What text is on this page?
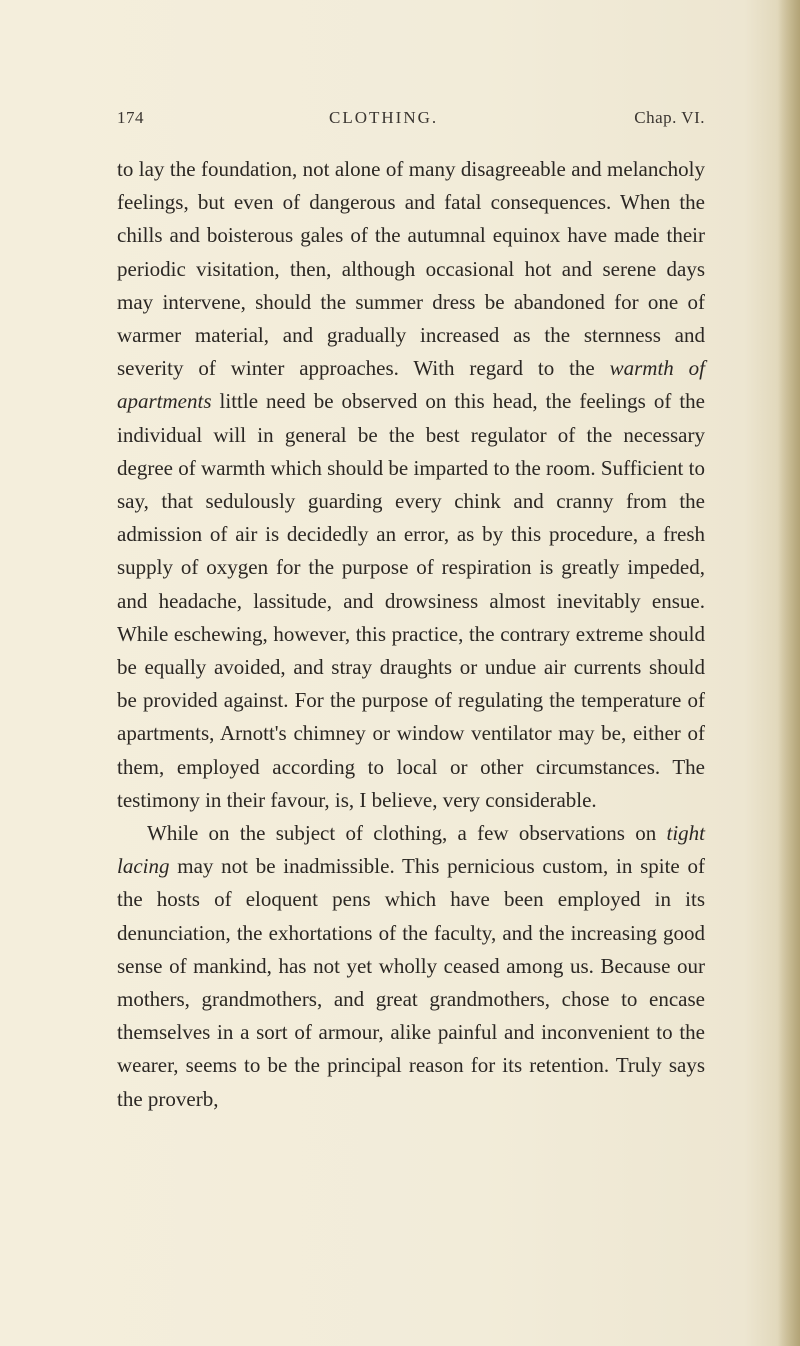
174	CLOTHING.	Chap. VI.

to lay the foundation, not alone of many disagreeable and melancholy feelings, but even of dangerous and fatal consequences. When the chills and boisterous gales of the autumnal equinox have made their periodic visitation, then, although occasional hot and serene days may intervene, should the summer dress be abandoned for one of warmer material, and gradually increased as the sternness and severity of winter approaches. With regard to the warmth of apartments little need be observed on this head, the feelings of the individual will in general be the best regulator of the necessary degree of warmth which should be imparted to the room. Sufficient to say, that sedulously guarding every chink and cranny from the admission of air is decidedly an error, as by this procedure, a fresh supply of oxygen for the purpose of respiration is greatly impeded, and headache, lassitude, and drowsiness almost inevitably ensue. While eschewing, however, this practice, the contrary extreme should be equally avoided, and stray draughts or undue air currents should be provided against. For the purpose of regulating the temperature of apartments, Arnott's chimney or window ventilator may be, either of them, employed according to local or other circumstances. The testimony in their favour, is, I believe, very considerable.

While on the subject of clothing, a few observations on tight lacing may not be inadmissible. This pernicious custom, in spite of the hosts of eloquent pens which have been employed in its denunciation, the exhortations of the faculty, and the increasing good sense of mankind, has not yet wholly ceased among us. Because our mothers, grandmothers, and great grandmothers, chose to encase themselves in a sort of armour, alike painful and inconvenient to the wearer, seems to be the principal reason for its retention. Truly says the proverb,
